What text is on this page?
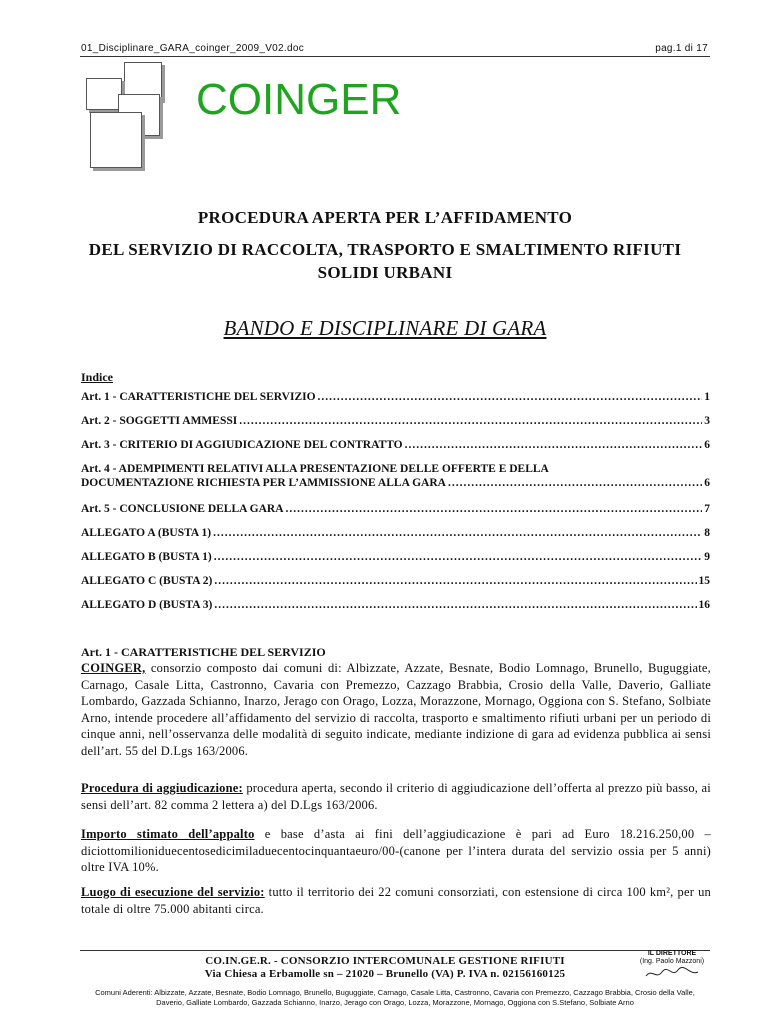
01_Disciplinare_GARA_coinger_2009_V02.doc	pag.1 di 17
COINGER
PROCEDURA APERTA PER L’AFFIDAMENTO
DEL SERVIZIO DI RACCOLTA, TRASPORTO E SMALTIMENTO RIFIUTI
SOLIDI URBANI
BANDO E DISCIPLINARE DI GARA
Indice
Art. 1 - CARATTERISTICHE DEL SERVIZIO .....	1
Art. 2 - SOGGETTI AMMESSI .....	3
Art. 3 - CRITERIO DI AGGIUDICAZIONE DEL CONTRATTO .....	6
Art. 4 - ADEMPIMENTI RELATIVI ALLA PRESENTAZIONE DELLE OFFERTE E DELLA
DOCUMENTAZIONE RICHIESTA PER L’AMMISSIONE ALLA GARA .....	6
Art. 5 - CONCLUSIONE DELLA GARA .....	7
ALLEGATO A (BUSTA 1) .....	8
ALLEGATO B (BUSTA 1) .....	9
ALLEGATO C (BUSTA 2) .....	15
ALLEGATO D (BUSTA 3) .....	16
Art. 1 - CARATTERISTICHE DEL SERVIZIO
COINGER, consorzio composto dai comuni di: Albizzate, Azzate, Besnate, Bodio Lomnago, Brunello, Buguggiate, Carnago, Casale Litta, Castronno, Cavaria con Premezzo, Cazzago Brabbia, Crosio della Valle, Daverio, Galliate Lombardo, Gazzada Schianno, Inarzo, Jerago con Orago, Lozza, Morazzone, Mornago, Oggiona con S. Stefano, Solbiate Arno, intende procedere all’affidamento del servizio di raccolta, trasporto e smaltimento rifiuti urbani per un periodo di cinque anni, nell’osservanza delle modalità di seguito indicate, mediante indizione di gara ad evidenza pubblica ai sensi dell’art. 55 del D.Lgs 163/2006.
Procedura di aggiudicazione: procedura aperta, secondo il criterio di aggiudicazione dell’offerta al prezzo più basso, ai sensi dell’art. 82 comma 2 lettera a) del D.Lgs 163/2006.
Importo stimato dell’appalto e base d’asta ai fini dell’aggiudicazione è pari ad Euro 18.216.250,00 – diciottomilioniduecentosedicimiladuecentocinquantaeuro/00-(canone per l’intera durata del servizio ossia per 5 anni) oltre IVA 10%.
Luogo di esecuzione del servizio: tutto il territorio dei 22 comuni consorziati, con estensione di circa 100 km², per un totale di oltre 75.000 abitanti circa.
CO.IN.GE.R. - CONSORZIO INTERCOMUNALE GESTIONE RIFIUTI
Via Chiesa a Erbamolle sn – 21020 – Brunello (VA) P. IVA n. 02156160125
Comuni Aderenti: Albizzate, Azzate, Besnate, Bodio Lomnago, Brunello, Buguggiate, Carnago, Casale Litta, Castronno, Cavaria con Premezzo, Cazzago Brabbia, Crosio della Valle, Daverio, Galliate Lombardo, Gazzada Schianno, Inarzo, Jerago con Orago, Lozza, Morazzone, Mornago, Oggiona con S.Stefano, Solbiate Arno
IL DIRETTORE
(Ing. Paolo Mazzoni)
